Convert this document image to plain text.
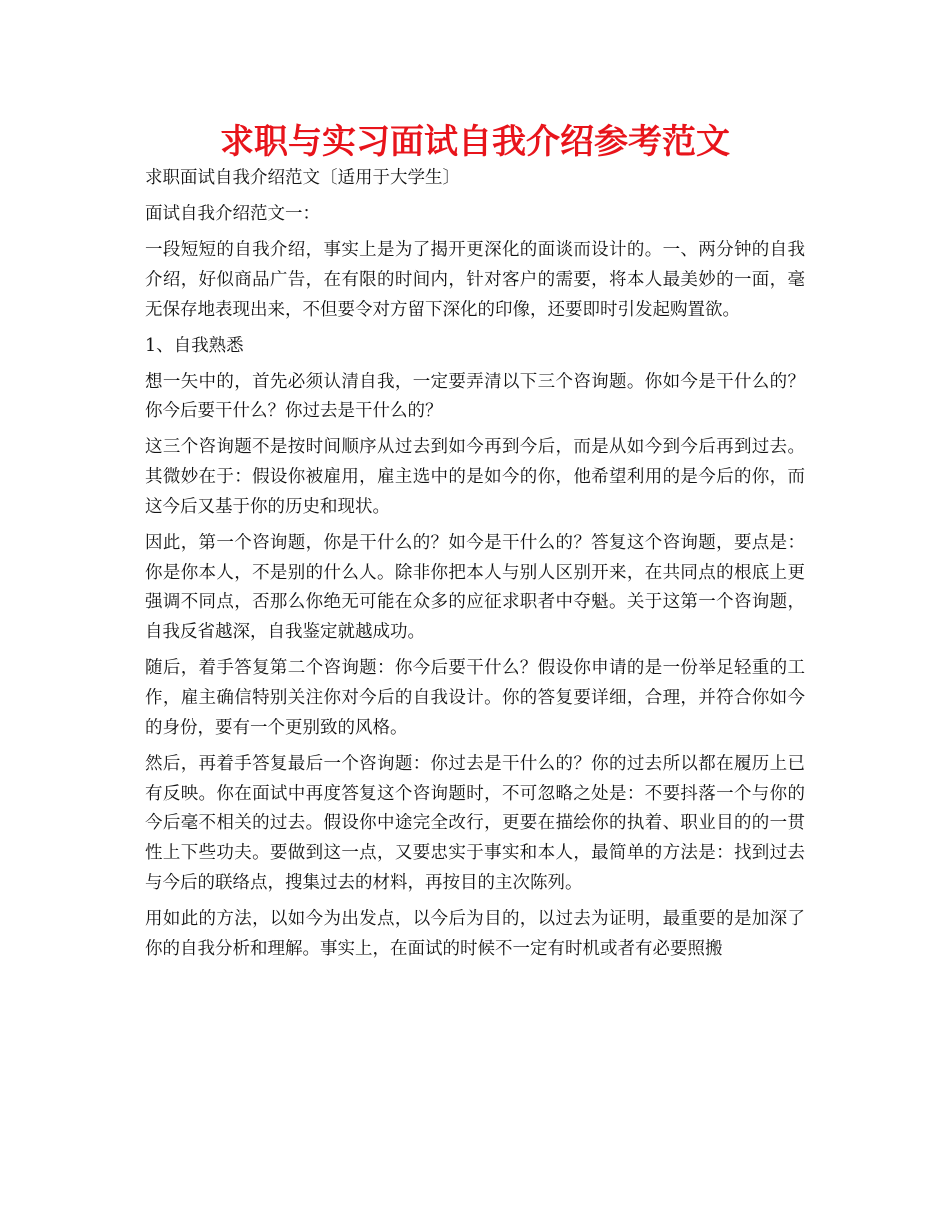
求职与实习面试自我介绍参考范文

求职面试自我介绍范文〔适用于大学生〕

面试自我介绍范文一：

一段短短的自我介绍，事实上是为了揭开更深化的面谈而设计的。一、两分钟的自我介绍，好似商品广告，在有限的时间内，针对客户的需要，将本人最美妙的一面，毫无保存地表现出来，不但要令对方留下深化的印像，还要即时引发起购置欲。

1、自我熟悉

想一矢中的，首先必须认清自我，一定要弄清以下三个咨询题。你如今是干什么的？你今后要干什么？你过去是干什么的？

这三个咨询题不是按时间顺序从过去到如今再到今后，而是从如今到今后再到过去。其微妙在于：假设你被雇用，雇主选中的是如今的你，他希望利用的是今后的你，而这今后又基于你的历史和现状。

因此，第一个咨询题，你是干什么的？如今是干什么的？答复这个咨询题，要点是：你是你本人，不是别的什么人。除非你把本人与别人区别开来，在共同点的根底上更强调不同点，否那么你绝无可能在众多的应征求职者中夺魁。关于这第一个咨询题，自我反省越深，自我鉴定就越成功。

随后，着手答复第二个咨询题：你今后要干什么？假设你申请的是一份举足轻重的工作，雇主确信特别关注你对今后的自我设计。你的答复要详细，合理，并符合你如今的身份，要有一个更别致的风格。

然后，再着手答复最后一个咨询题：你过去是干什么的？你的过去所以都在履历上已有反映。你在面试中再度答复这个咨询题时，不可忽略之处是：不要抖落一个与你的今后毫不相关的过去。假设你中途完全改行，更要在描绘你的执着、职业目的的一贯性上下些功夫。要做到这一点，又要忠实于事实和本人，最简单的方法是：找到过去与今后的联络点，搜集过去的材料，再按目的主次陈列。

用如此的方法，以如今为出发点，以今后为目的，以过去为证明，最重要的是加深了你的自我分析和理解。事实上，在面试的时候不一定有时机或者有必要照搬
